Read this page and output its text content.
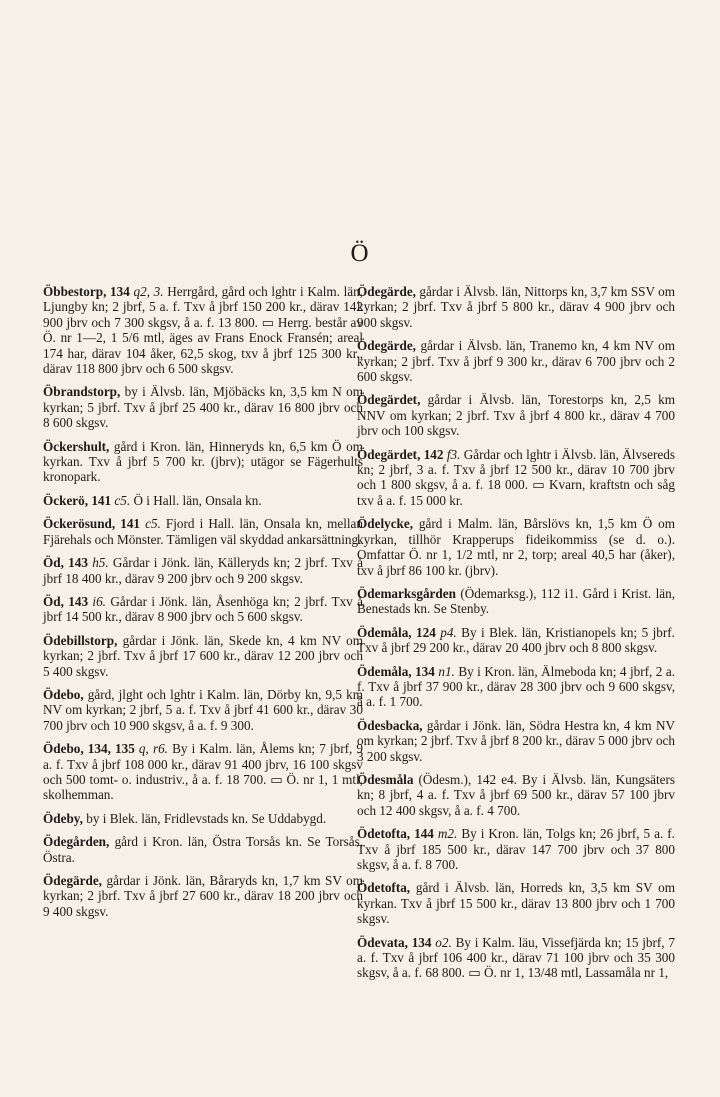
Ö

Öbbestorp, 134 q2, 3. Herrgård, gård och lghtr i Kalm. län, Ljungby kn; 2 jbrf, 5 a. f. Txv å jbrf 150 200 kr., därav 142 900 jbrv och 7 300 skgsv, å a. f. 13 800. ▭ Herrg. består av Ö. nr 1—2, 1 5/6 mtl, äges av Frans Enock Fransén; areal 174 har, därav 104 åker, 62,5 skog, txv å jbrf 125 300 kr., därav 118 800 jbrv och 6 500 skgsv.

Öbrandstorp, by i Älvsb. län, Mjöbäcks kn, 3,5 km N om kyrkan; 5 jbrf. Txv å jbrf 25 400 kr., därav 16 800 jbrv och 8 600 skgsv.

Öckershult, gård i Kron. län, Hinneryds kn, 6,5 km Ö om kyrkan. Txv å jbrf 5 700 kr. (jbrv); utägor se Fägerhults kronopark.

Öckerö, 141 c5. Ö i Hall. län, Onsala kn.

Öckerösund, 141 c5. Fjord i Hall. län, Onsala kn, mellan Fjärehals och Mönster. Tämligen väl skyddad ankarsättning.

Öd, 143 h5. Gårdar i Jönk. län, Källeryds kn; 2 jbrf. Txv å jbrf 18 400 kr., därav 9 200 jbrv och 9 200 skgsv.

Öd, 143 i6. Gårdar i Jönk. län, Åsenhöga kn; 2 jbrf. Txv å jbrf 14 500 kr., därav 8 900 jbrv och 5 600 skgsv.

Ödebillstorp, gårdar i Jönk. län, Skede kn, 4 km NV om kyrkan; 2 jbrf. Txv å jbrf 17 600 kr., därav 12 200 jbrv och 5 400 skgsv.

Ödebo, gård, jlght och lghtr i Kalm. län, Dörby kn, 9,5 km NV om kyrkan; 2 jbrf, 5 a. f. Txv å jbrf 41 600 kr., därav 30 700 jbrv och 10 900 skgsv, å a. f. 9 300.

Ödebo, 134, 135 q, r6. By i Kalm. län, Ålems kn; 7 jbrf, 9 a. f. Txv å jbrf 108 000 kr., därav 91 400 jbrv, 16 100 skgsv och 500 tomt- o. industriv., å a. f. 18 700. ▭ Ö. nr 1, 1 mtl, skolhemman.

Ödeby, by i Blek. län, Fridlevstads kn. Se Uddabygd.

Ödegården, gård i Kron. län, Östra Torsås kn. Se Torsås, Östra.

Ödegärde, gårdar i Jönk. län, Båraryds kn, 1,7 km SV om kyrkan; 2 jbrf. Txv å jbrf 27 600 kr., därav 18 200 jbrv och 9 400 skgsv.

Ödegärde, gårdar i Älvsb. län, Nittorps kn, 3,7 km SSV om kyrkan; 2 jbrf. Txv å jbrf 5 800 kr., därav 4 900 jbrv och 900 skgsv.

Ödegärde, gårdar i Älvsb. län, Tranemo kn, 4 km NV om kyrkan; 2 jbrf. Txv å jbrf 9 300 kr., därav 6 700 jbrv och 2 600 skgsv.

Ödegärdet, gårdar i Älvsb. län, Torestorps kn, 2,5 km NNV om kyrkan; 2 jbrf. Txv å jbrf 4 800 kr., därav 4 700 jbrv och 100 skgsv.

Ödegärdet, 142 f3. Gårdar och lghtr i Älvsb. län, Älvsereds kn; 2 jbrf, 3 a. f. Txv å jbrf 12 500 kr., därav 10 700 jbrv och 1 800 skgsv, å a. f. 18 000. ▭ Kvarn, kraftstn och såg txv å a. f. 15 000 kr.

Ödelycke, gård i Malm. län, Bårslövs kn, 1,5 km Ö om kyrkan, tillhör Krapperups fideikommiss (se d. o.). Omfattar Ö. nr 1, 1/2 mtl, nr 2, torp; areal 40,5 har (åker), txv å jbrf 86 100 kr. (jbrv).

Ödemarksgården (Ödemarksg.), 112 i1. Gård i Krist. län, Benestads kn. Se Stenby.

Ödemåla, 124 p4. By i Blek. län, Kristianopels kn; 5 jbrf. Txv å jbrf 29 200 kr., därav 20 400 jbrv och 8 800 skgsv.

Ödemåla, 134 n1. By i Kron. län, Älmeboda kn; 4 jbrf, 2 a. f. Txv å jbrf 37 900 kr., därav 28 300 jbrv och 9 600 skgsv, å a. f. 1 700.

Ödesbacka, gårdar i Jönk. län, Södra Hestra kn, 4 km NV om kyrkan; 2 jbrf. Txv å jbrf 8 200 kr., därav 5 000 jbrv och 3 200 skgsv.

Ödesmåla (Ödesm.), 142 e4. By i Älvsb. län, Kungsäters kn; 8 jbrf, 4 a. f. Txv å jbrf 69 500 kr., därav 57 100 jbrv och 12 400 skgsv, å a. f. 4 700.

Ödetofta, 144 m2. By i Kron. län, Tolgs kn; 26 jbrf, 5 a. f. Txv å jbrf 185 500 kr., därav 147 700 jbrv och 37 800 skgsv, å a. f. 8 700.

Ödetofta, gård i Älvsb. län, Horreds kn, 3,5 km SV om kyrkan. Txv å jbrf 15 500 kr., därav 13 800 jbrv och 1 700 skgsv.

Ödevata, 134 o2. By i Kalm. läu, Vissefjärda kn; 15 jbrf, 7 a. f. Txv å jbrf 106 400 kr., därav 71 100 jbrv och 35 300 skgsv, å a. f. 68 800. ▭ Ö. nr 1, 13/48 mtl, Lassamåla nr 1,
